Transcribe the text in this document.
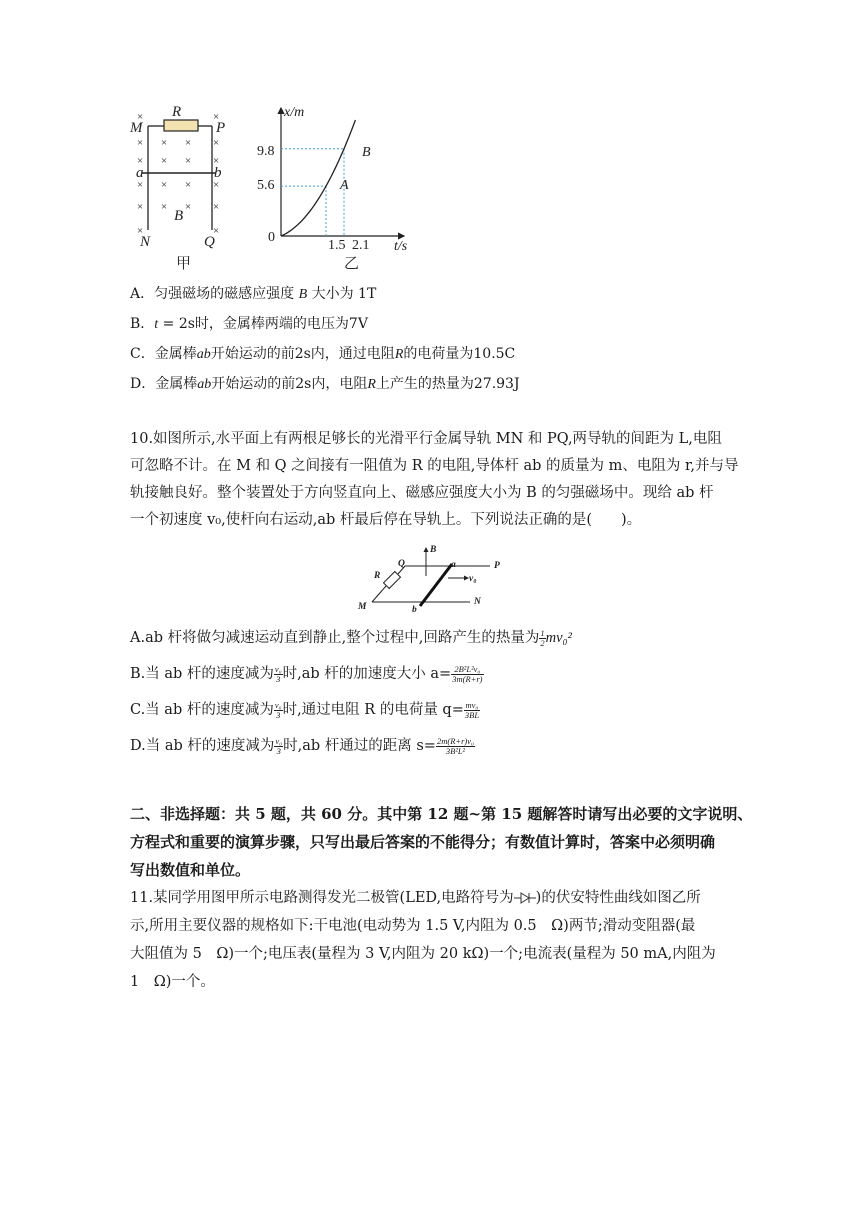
×	×
× × × ×
× × × ×
× × × ×
× × × ×
×	×
R
M	P
a	b
B
N	Q
甲
x/m
t/s
0
9.8
5.6
1.5 2.1
A
B
乙
A．匀强磁场的磁感应强度 B 大小为 1T
B．t = 2s时，金属棒两端的电压为7V
C．金属棒ab开始运动的前2s内，通过电阻R的电荷量为10.5C
D．金属棒ab开始运动的前2s内，电阻R上产生的热量为27.93J
10.如图所示,水平面上有两根足够长的光滑平行金属导轨 MN 和 PQ,两导轨的间距为 L,电阻
可忽略不计。在 M 和 Q 之间接有一阻值为 R 的电阻,导体杆 ab 的质量为 m、电阻为 r,并与导
轨接触良好。整个装置处于方向竖直向上、磁感应强度大小为 B 的匀强磁场中。现给 ab 杆
一个初速度 v₀,使杆向右运动,ab 杆最后停在导轨上。下列说法正确的是(　　)。
B
P
R
Q	a
v₀
M	b
N
A.ab 杆将做匀减速运动直到静止,整个过程中,回路产生的热量为 $\frac{1}{2} mv_0^2$
B.当 ab 杆的速度减为 $\frac{\text{v₀}}{3}$ 时,ab 杆的加速度大小 $a= \frac{\text{2B²L²v₀}}{3m(R+r)}$
C.当 ab 杆的速度减为 $\frac{\text{v₀}}{3}$ 时,通过电阻 R 的电荷量 $q= \frac{\text{mv₀}}{3BL}$
D.当 ab 杆的速度减为 $\frac{\text{v₀}}{3}$ 时,ab 杆通过的距离 $s= \frac{\text{2m(R+r)v₀}}{\text{3B²L²}}$
二、非选择题：共 5 题，共 60 分。其中第 12 题~第 15 题解答时请写出必要的文字说明、
方程式和重要的演算步骤，只写出最后答案的不能得分；有数值计算时，答案中必须明确
写出数值和单位。
11.某同学用图甲所示电路测得发光二极管(LED,电路符号为 )的伏安特性曲线如图乙所
示,所用主要仪器的规格如下:干电池(电动势为 1.5 V,内阻为 0.5　Ω)两节;滑动变阻器(最
大阻值为 5　Ω)一个;电压表(量程为 3 V,内阻为 20 kΩ)一个;电流表(量程为 50 mA,内阻为
1　Ω)一个。
